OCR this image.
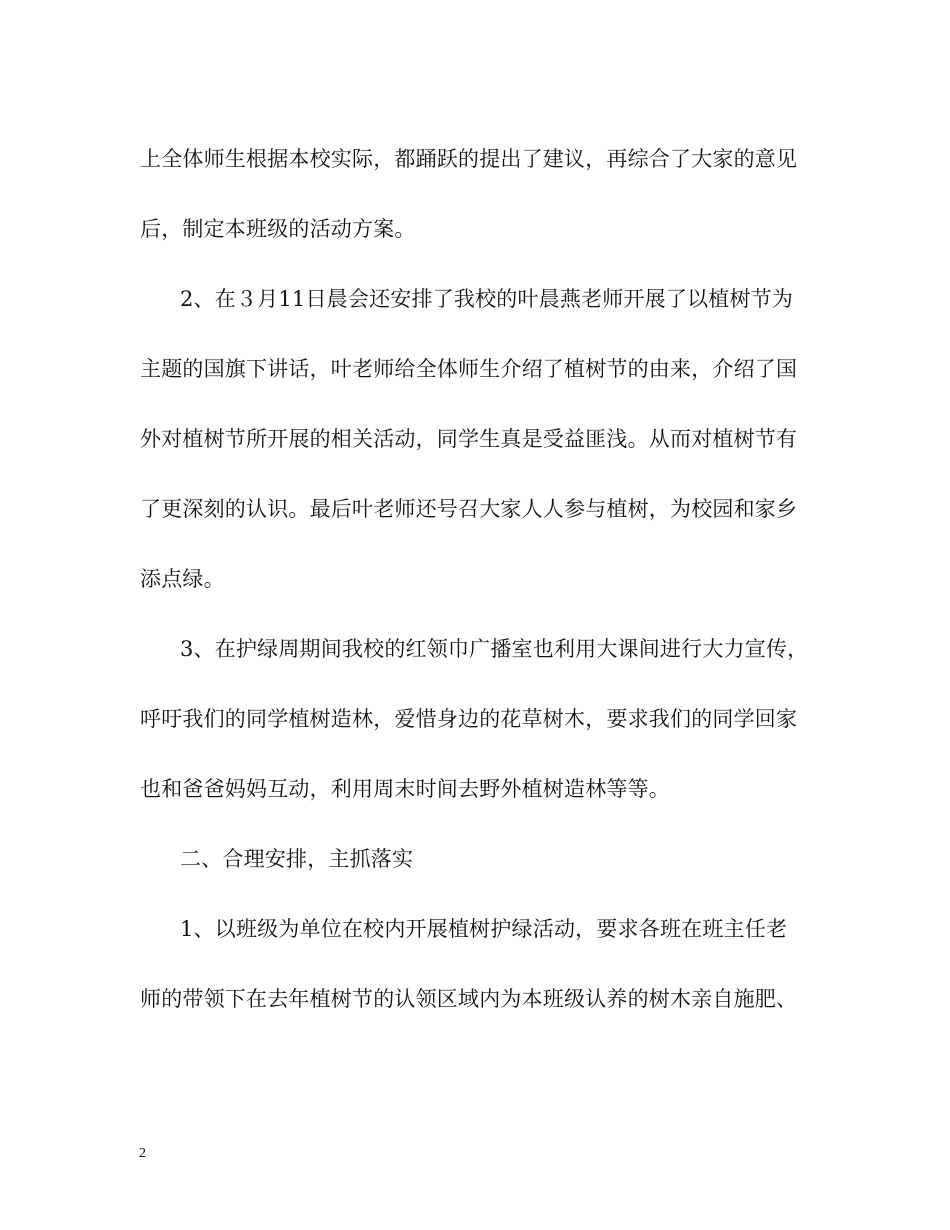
上全体师生根据本校实际，都踊跃的提出了建议，再综合了大家的意见
后，制定本班级的活动方案。
2、在３月11日晨会还安排了我校的叶晨燕老师开展了以植树节为
主题的国旗下讲话，叶老师给全体师生介绍了植树节的由来，介绍了国
外对植树节所开展的相关活动，同学生真是受益匪浅。从而对植树节有
了更深刻的认识。最后叶老师还号召大家人人参与植树，为校园和家乡
添点绿。
3、在护绿周期间我校的红领巾广播室也利用大课间进行大力宣传，
呼吁我们的同学植树造林，爱惜身边的花草树木，要求我们的同学回家
也和爸爸妈妈互动，利用周末时间去野外植树造林等等。
二、合理安排，主抓落实
1、以班级为单位在校内开展植树护绿活动，要求各班在班主任老
师的带领下在去年植树节的认领区域内为本班级认养的树木亲自施肥、
2
